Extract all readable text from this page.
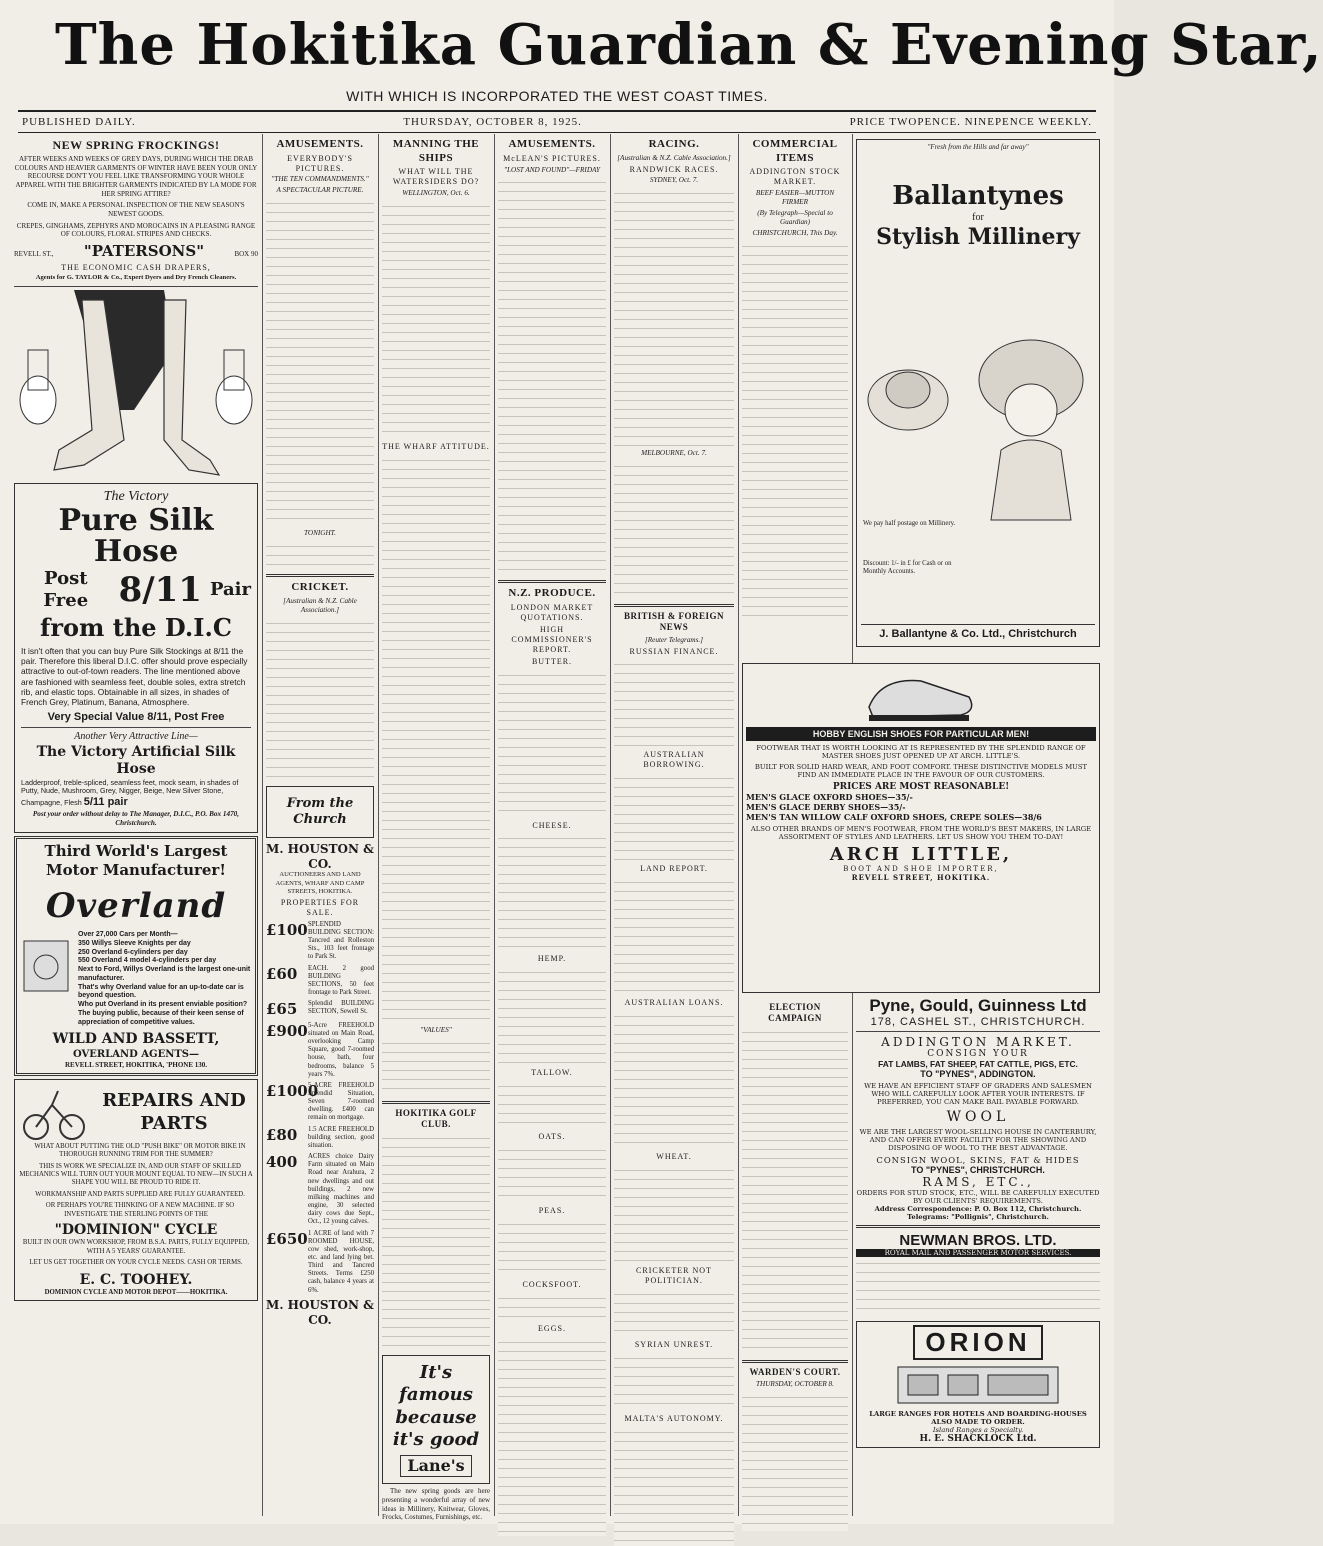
The Hokitika Guardian & Evening Star,
WITH WHICH IS INCORPORATED THE WEST COAST TIMES.
PUBLISHED DAILY.	THURSDAY, OCTOBER 8, 1925.	PRICE TWOPENCE. NINEPENCE WEEKLY.
NEW SPRING FROCKINGS!
AFTER WEEKS AND WEEKS OF GREY DAYS, DURING WHICH THE DRAB COLOURS AND HEAVIER GARMENTS OF WINTER HAVE BEEN YOUR ONLY RECOURSE DON'T YOU FEEL LIKE TRANSFORMING YOUR WHOLE APPAREL WITH THE BRIGHTER GARMENTS INDICATED BY LA MODE FOR HER SPRING ATTIRE?
COME IN, MAKE A PERSONAL INSPECTION OF THE NEW SEASON'S NEWEST GOODS.
CREPES, GINGHAMS, ZEPHYRS AND MOROCAINS IN A PLEASING RANGE OF COLOURS, FLORAL STRIPES AND CHECKS.
REVELL ST., "PATERSONS"	BOX 90
THE ECONOMIC CASH DRAPERS,
Agents for G. TAYLOR & Co., Expert Dyers and Dry French Cleaners.
The Victory
Pure Silk Hose
Post Free 8/11 Pair
from the D.I.C
It isn't often that you can buy Pure Silk Stockings at 8/11 the pair. Therefore this liberal D.I.C. offer should prove especially attractive to out-of-town readers. The line mentioned above are fashioned with seamless feet, double soles, extra stretch rib, and elastic tops. Obtainable in all sizes, in shades of French Grey, Platinum, Banana, Atmosphere.
Very Special Value 8/11, Post Free
Another Very Attractive Line—
The Victory Artificial Silk Hose
Ladderproof, treble-spliced, seamless feet, mock seam, in shades of Putty, Nude, Mushroom, Grey, Nigger, Beige, New Silver Stone, Champagne, Flesh 5/11 pair
Post your order without delay to The Manager, D.I.C., P.O. Box 1470, Christchurch.
Third World's Largest Motor Manufacturer!
Overland
Over 27,000 Cars per Month—
350 Willys Sleeve Knights per day
250 Overland 6-cylinders per day
550 Overland 4 model 4-cylinders per day
Next to Ford, Willys Overland is the largest one-unit manufacturer.
That's why Overland value for an up-to-date car is beyond question.
Who put Overland in its present enviable position? The buying public, because of their keen sense of appreciation of competitive values.
WILD AND BASSETT,
OVERLAND AGENTS—
REVELL STREET, HOKITIKA, 'PHONE 130.
REPAIRS AND PARTS
WHAT ABOUT PUTTING THE OLD "PUSH BIKE" OR MOTOR BIKE IN THOROUGH RUNNING TRIM FOR THE SUMMER?
THIS IS WORK WE SPECIALIZE IN, AND OUR STAFF OF SKILLED MECHANICS WILL TURN OUT YOUR MOUNT EQUAL TO NEW—IN SUCH A SHAPE YOU WILL BE PROUD TO RIDE IT.
WORKMANSHIP AND PARTS SUPPLIED ARE FULLY GUARANTEED.
OR PERHAPS YOU'RE THINKING OF A NEW MACHINE. IF SO INVESTIGATE THE STERLING POINTS OF THE
"DOMINION" CYCLE
BUILT IN OUR OWN WORKSHOP, FROM B.S.A. PARTS, FULLY EQUIPPED, WITH A 5 YEARS' GUARANTEE.
LET US GET TOGETHER ON YOUR CYCLE NEEDS. CASH OR TERMS.
E. C. TOOHEY.
DOMINION CYCLE AND MOTOR DEPOT——HOKITIKA.
AMUSEMENTS.
EVERYBODY'S PICTURES.
"THE TEN COMMANDMENTS."
A SPECTACULAR PICTURE.
TONIGHT.
CRICKET.
[Australian & N.Z. Cable Association.]
From the Church
M. HOUSTON & CO.
AUCTIONEERS AND LAND AGENTS, WHARF AND CAMP STREETS, HOKITIKA.
PROPERTIES FOR SALE.
£100 SPLENDID BUILDING SECTION: Tancred and Rolleston Sts., 103 feet frontage to Park St.
£60	EACH. 2 good BUILDING SECTIONS, 50 feet frontage to Park Street.
£65	Splendid BUILDING SECTION, Sewell St.
£900 5-Acre FREEHOLD situated on Main Road, overlooking Camp Square, good 7-roomed house, bath, four bedrooms, balance 5 years 7%.
£1000
5-ACRE FREEHOLD Splendid Situation, Seven 7-roomed dwelling. £400 can remain on mortgage.
£80	1.5 ACRE FREEHOLD building section, good situation.
400	ACRES choice Dairy Farm situated on Main Road near Arahura, 2 new dwellings and out buildings, 2 new milking machines and engine, 30 selected dairy cows due Sept., Oct., 12 young calves.
£650 1 ACRE of land with 7 ROOMED HOUSE, cow shed, work-shop, etc. and land lying bet. Third and Tancred Streets. Terms £250 cash, balance 4 years at 6%.
M. HOUSTON & CO.
MANNING THE SHIPS
WHAT WILL THE WATERSIDERS DO?
WELLINGTON, Oct. 6.
THE WHARF ATTITUDE.
"VALUES"
HOKITIKA GOLF CLUB.
It's
famous
because
it's good
Lane's
The new spring goods are here presenting a wonderful array of new ideas in Millinery, Knitwear, Gloves, Frocks, Costumes, Furnishings, etc.
AMUSEMENTS.
McLEAN'S PICTURES.
"LOST AND FOUND"—FRIDAY
N.Z. PRODUCE.
LONDON MARKET QUOTATIONS.
HIGH COMMISSIONER'S REPORT.
BUTTER.
CHEESE.
HEMP.
TALLOW.
OATS.
PEAS.
COCKSFOOT.
EGGS.
RACING.
[Australian & N.Z. Cable Association.]
RANDWICK RACES.
SYDNEY, Oct. 7.
MELBOURNE, Oct. 7.
BRITISH & FOREIGN NEWS
[Reuter Telegrams.]
RUSSIAN FINANCE.
AUSTRALIAN BORROWING.
LAND REPORT.
AUSTRALIAN LOANS.
WHEAT.
CRICKETER NOT POLITICIAN.
SYRIAN UNREST.
MALTA'S AUTONOMY.
COMMERCIAL ITEMS
ADDINGTON STOCK MARKET.
BEEF EASIER—MUTTON FIRMER
(By Telegraph—Special to Guardian)
CHRISTCHURCH, This Day.
HOBBY ENGLISH SHOES FOR PARTICULAR MEN!
FOOTWEAR THAT IS WORTH LOOKING AT IS REPRESENTED BY THE SPLENDID RANGE OF MASTER SHOES JUST OPENED UP AT ARCH. LITTLE'S.
BUILT FOR SOLID HARD WEAR, AND FOOT COMFORT. THESE DISTINCTIVE MODELS MUST FIND AN IMMEDIATE PLACE IN THE FAVOUR OF OUR CUSTOMERS.
PRICES ARE MOST REASONABLE!
MEN'S GLACE OXFORD SHOES—35/-
MEN'S GLACE DERBY SHOES—35/-
MEN'S TAN WILLOW CALF OXFORD SHOES, CREPE SOLES—38/6
ALSO OTHER BRANDS OF MEN'S FOOTWEAR, FROM THE WORLD'S BEST MAKERS, IN LARGE ASSORTMENT OF STYLES AND LEATHERS. LET US SHOW YOU THEM TO-DAY!
ARCH LITTLE,
BOOT AND SHOE IMPORTER,
REVELL STREET, HOKITIKA.
ELECTION CAMPAIGN
WARDEN'S COURT.
THURSDAY, OCTOBER 8.
"Fresh from the Hills and far away"
Ballantynes
for
Stylish Millinery
We pay half postage on Millinery.
Discount: 1/- in £ for Cash or on Monthly Accounts.
J. Ballantyne & Co. Ltd., Christchurch
Pyne, Gould, Guinness Ltd
178, CASHEL ST., CHRISTCHURCH.
ADDINGTON MARKET.
CONSIGN YOUR
FAT LAMBS, FAT SHEEP, FAT CATTLE, PIGS, ETC.
TO "PYNES", ADDINGTON.
WE HAVE AN EFFICIENT STAFF OF GRADERS AND SALESMEN WHO WILL CAREFULLY LOOK AFTER YOUR INTERESTS. IF PREFERRED, YOU CAN MAKE BAIL PAYABLE FORWARD.
WOOL
WE ARE THE LARGEST WOOL-SELLING HOUSE IN CANTERBURY, AND CAN OFFER EVERY FACILITY FOR THE SHOWING AND DISPOSING OF WOOL TO THE BEST ADVANTAGE.
CONSIGN WOOL, SKINS, FAT & HIDES
TO "PYNES", CHRISTCHURCH.
RAMS, ETC.,
ORDERS FOR STUD STOCK, ETC., WILL BE CAREFULLY EXECUTED BY OUR CLIENTS' REQUIREMENTS.
Address Correspondence: P. O. Box 112, Christchurch.
Telegrams: "Pollignis", Christchurch.
NEWMAN BROS. LTD.
ROYAL MAIL AND PASSENGER MOTOR SERVICES.
ORION
LARGE RANGES FOR HOTELS AND BOARDING-HOUSES ALSO MADE TO ORDER.
Island Ranges a Specialty.
H. E. SHACKLOCK Ltd.
